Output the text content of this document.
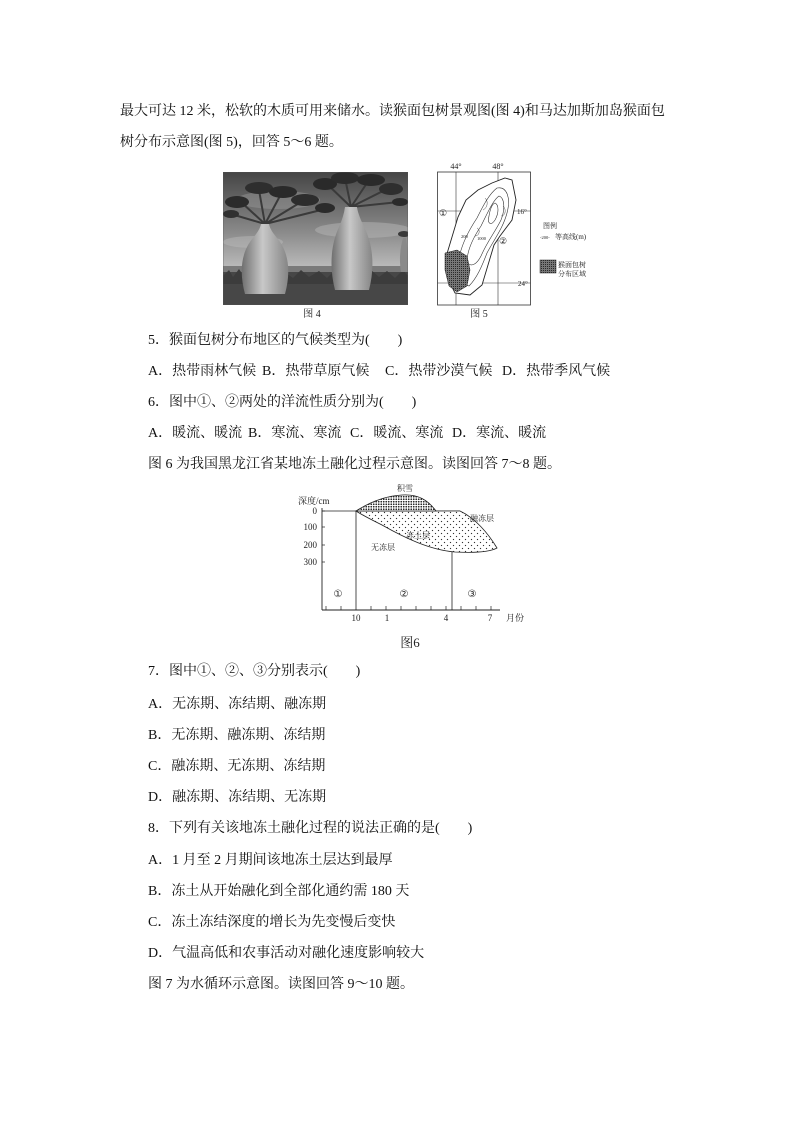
最大可达 12 米，松软的木质可用来储水。读猴面包树景观图(图 4)和马达加斯加岛猴面包
树分布示意图(图 5)，回答 5～6 题。
图 4
44°	48°
16°
24°
①
②
200 1000
图例
-200- 等高线(m)
猴面包树
分布区域
图 5
5．猴面包树分布地区的气候类型为(　　)
A．热带雨林气候 B．热带草原气候 C．热带沙漠气候 D．热带季风气候
6．图中①、②两处的洋流性质分别为(　　)
A．暖流、暖流 B．寒流、寒流 C．暖流、寒流 D．寒流、暖流
图 6 为我国黑龙江省某地冻土融化过程示意图。读图回答 7～8 题。
深度/cm
0
100
200
300
10	1	4	7 月份
积雪
融冻层
冻土层
无冻层
①	②	③
图6
7．图中①、②、③分别表示(　　)
A．无冻期、冻结期、融冻期
B．无冻期、融冻期、冻结期
C．融冻期、无冻期、冻结期
D．融冻期、冻结期、无冻期
8．下列有关该地冻土融化过程的说法正确的是(　　)
A．1 月至 2 月期间该地冻土层达到最厚
B．冻土从开始融化到全部化通约需 180 天
C．冻土冻结深度的增长为先变慢后变快
D．气温高低和农事活动对融化速度影响较大
图 7 为水循环示意图。读图回答 9～10 题。
